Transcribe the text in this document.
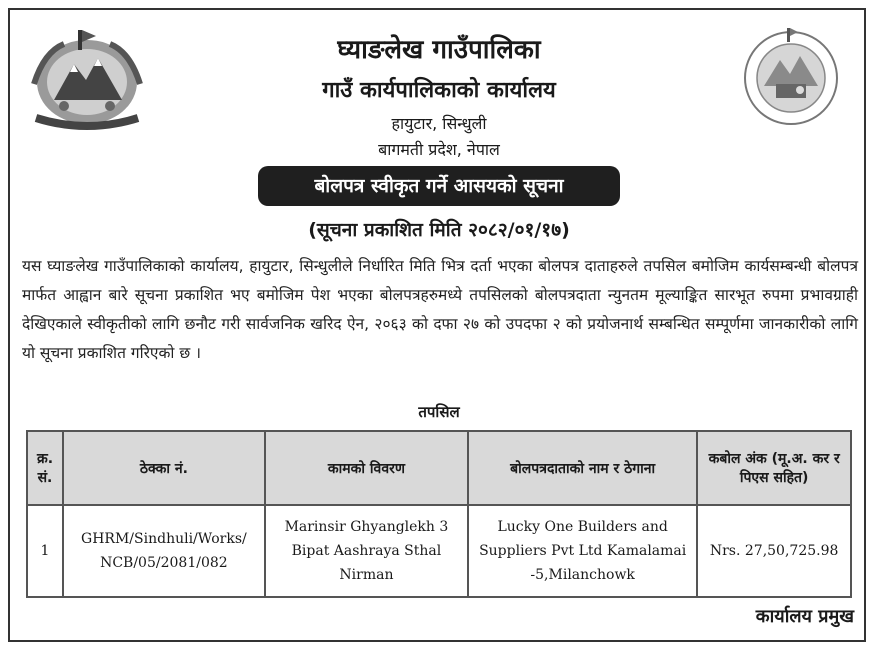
घ्याङलेख गाउँपालिका
गाउँ कार्यपालिकाको कार्यालय
हायुटार, सिन्धुली
बागमती प्रदेश, नेपाल
बोलपत्र स्वीकृत गर्ने आसयको सूचना
(सूचना प्रकाशित मिति २०८२/०१/१७)
यस घ्याङलेख गाउँपालिकाको कार्यालय, हायुटार, सिन्धुलीले निर्धारित मिति भित्र दर्ता भएका बोलपत्र दाताहरुले तपसिल बमोजिम कार्यसम्बन्धी बोलपत्र मार्फत आह्वान बारे सूचना प्रकाशित भए बमोजिम पेश भएका बोलपत्रहरुमध्ये तपसिलको बोलपत्रदाता न्युनतम मूल्याङ्कित सारभूत रुपमा प्रभावग्राही देखिएकाले स्वीकृतीको लागि छनौट गरी सार्वजनिक खरिद ऐन, २०६३ को दफा २७ को उपदफा २ को प्रयोजनार्थ सम्बन्धित सम्पूर्णमा जानकारीको लागि यो सूचना प्रकाशित गरिएको छ ।
तपसिल
क्र. सं.	ठेक्का नं.	कामको विवरण	बोलपत्रदाताको नाम र ठेगाना	कबोल अंक (मू.अ. कर र पिएस सहित)
1	GHRM/Sindhuli/Works/ NCB/05/2081/082	Marinsir Ghyanglekh 3 Bipat Aashraya Sthal Nirman	Lucky One Builders and Suppliers Pvt Ltd Kamalamai -5,Milanchowk	Nrs. 27,50,725.98
कार्यालय प्रमुख
